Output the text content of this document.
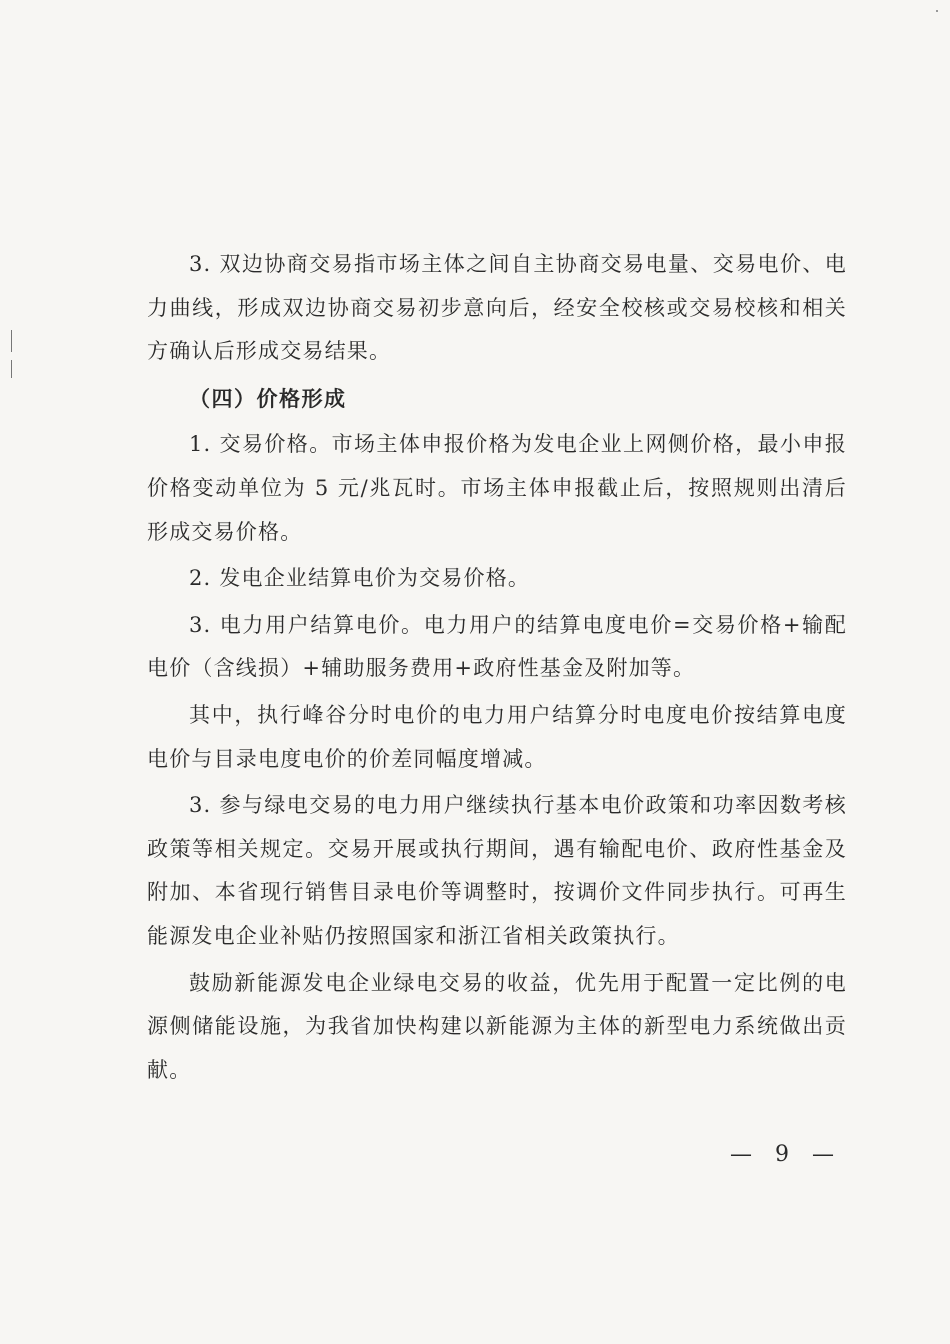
3. 双边协商交易指市场主体之间自主协商交易电量、交易电价、电力曲线，形成双边协商交易初步意向后，经安全校核或交易校核和相关方确认后形成交易结果。

（四）价格形成

1. 交易价格。市场主体申报价格为发电企业上网侧价格，最小申报价格变动单位为 5 元/兆瓦时。市场主体申报截止后，按照规则出清后形成交易价格。

2. 发电企业结算电价为交易价格。

3. 电力用户结算电价。电力用户的结算电度电价=交易价格+输配电价（含线损）+辅助服务费用+政府性基金及附加等。

其中，执行峰谷分时电价的电力用户结算分时电度电价按结算电度电价与目录电度电价的价差同幅度增减。

3. 参与绿电交易的电力用户继续执行基本电价政策和功率因数考核政策等相关规定。交易开展或执行期间，遇有输配电价、政府性基金及附加、本省现行销售目录电价等调整时，按调价文件同步执行。可再生能源发电企业补贴仍按照国家和浙江省相关政策执行。

鼓励新能源发电企业绿电交易的收益，优先用于配置一定比例的电源侧储能设施，为我省加快构建以新能源为主体的新型电力系统做出贡献。

— 9 —
